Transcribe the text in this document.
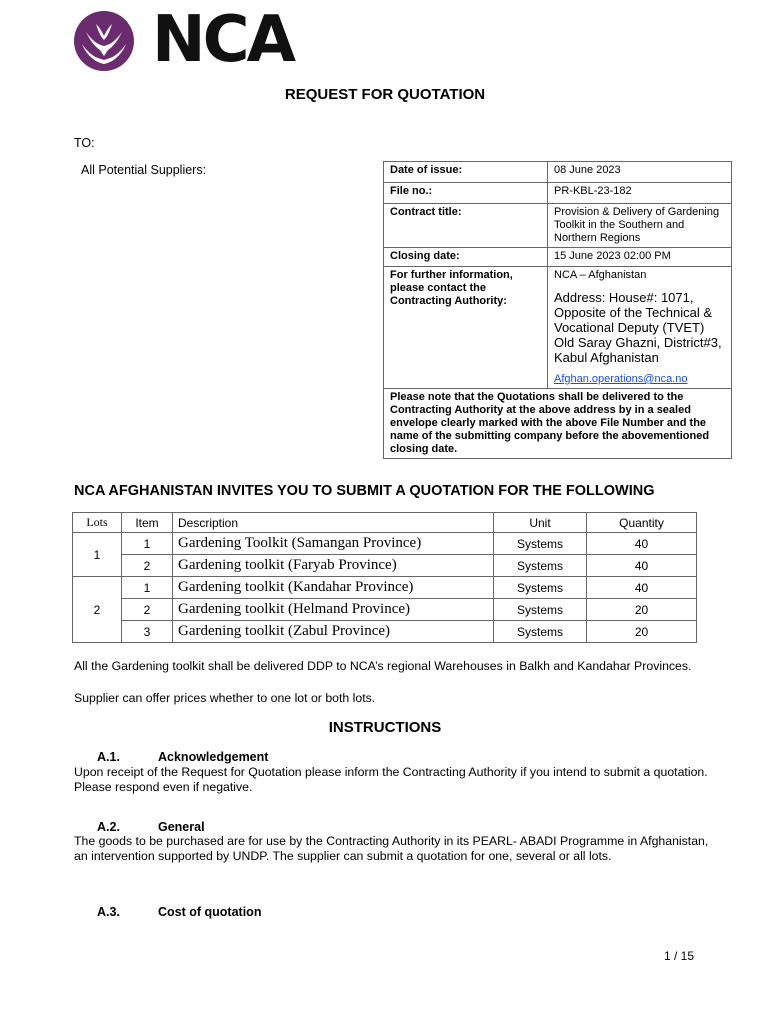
NCA
REQUEST FOR QUOTATION
TO:
All Potential Suppliers:	Date of issue:	08 June 2023
File no.:	PR-KBL-23-182
Contract title:	Provision & Delivery of Gardening Toolkit in the Southern and Northern Regions
Closing date:	15 June 2023 02:00 PM
For further information, please contact the Contracting Authority:	NCA – Afghanistan
Address: House#: 1071, Opposite of the Technical & Vocational Deputy (TVET) Old Saray Ghazni, District#3, Kabul Afghanistan
Afghan.operations@nca.no

Please note that the Quotations shall be delivered to the Contracting Authority at the above address by in a sealed envelope clearly marked with the above File Number and the name of the submitting company before the abovementioned closing date.	
NCA AFGHANISTAN INVITES YOU TO SUBMIT A QUOTATION FOR THE FOLLOWING
Lots	Item	Description	Unit	Quantity
1	1	Gardening Toolkit (Samangan Province)	Systems	40
	2	Gardening toolkit (Faryab Province)	Systems	40
2	1	Gardening toolkit (Kandahar Province)	Systems	40
	2	Gardening toolkit (Helmand Province)	Systems	20
	3	Gardening toolkit (Zabul Province)	Systems	20
All the Gardening toolkit shall be delivered DDP to NCA’s regional Warehouses in Balkh and Kandahar Provinces.
Supplier can offer prices whether to one lot or both lots.
INSTRUCTIONS
A.1.	Acknowledgement
Upon receipt of the Request for Quotation please inform the Contracting Authority if you intend to submit a quotation. Please respond even if negative.
A.2.	General
The goods to be purchased are for use by the Contracting Authority in its PEARL- ABADI Programme in Afghanistan, an intervention supported by UNDP. The supplier can submit a quotation for one, several or all lots.
A.3.	Cost of quotation
1 / 15
